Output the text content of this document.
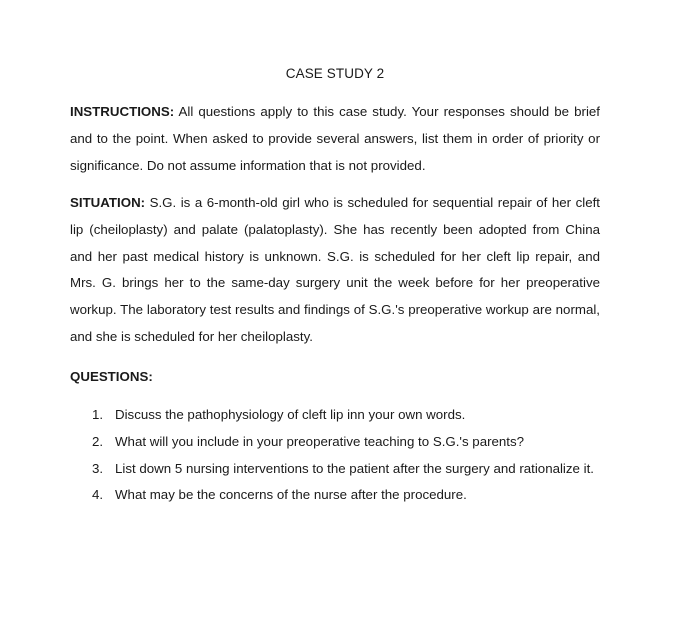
CASE STUDY 2

INSTRUCTIONS: All questions apply to this case study. Your responses should be brief and to the point. When asked to provide several answers, list them in order of priority or significance. Do not assume information that is not provided.

SITUATION: S.G. is a 6-month-old girl who is scheduled for sequential repair of her cleft lip (cheiloplasty) and palate (palatoplasty). She has recently been adopted from China and her past medical history is unknown. S.G. is scheduled for her cleft lip repair, and Mrs. G. brings her to the same-day surgery unit the week before for her preoperative workup. The laboratory test results and findings of S.G.'s preoperative workup are normal, and she is scheduled for her cheiloplasty.

QUESTIONS:
1. Discuss the pathophysiology of cleft lip inn your own words.
2. What will you include in your preoperative teaching to S.G.'s parents?
3. List down 5 nursing interventions to the patient after the surgery and rationalize it.
4. What may be the concerns of the nurse after the procedure.
